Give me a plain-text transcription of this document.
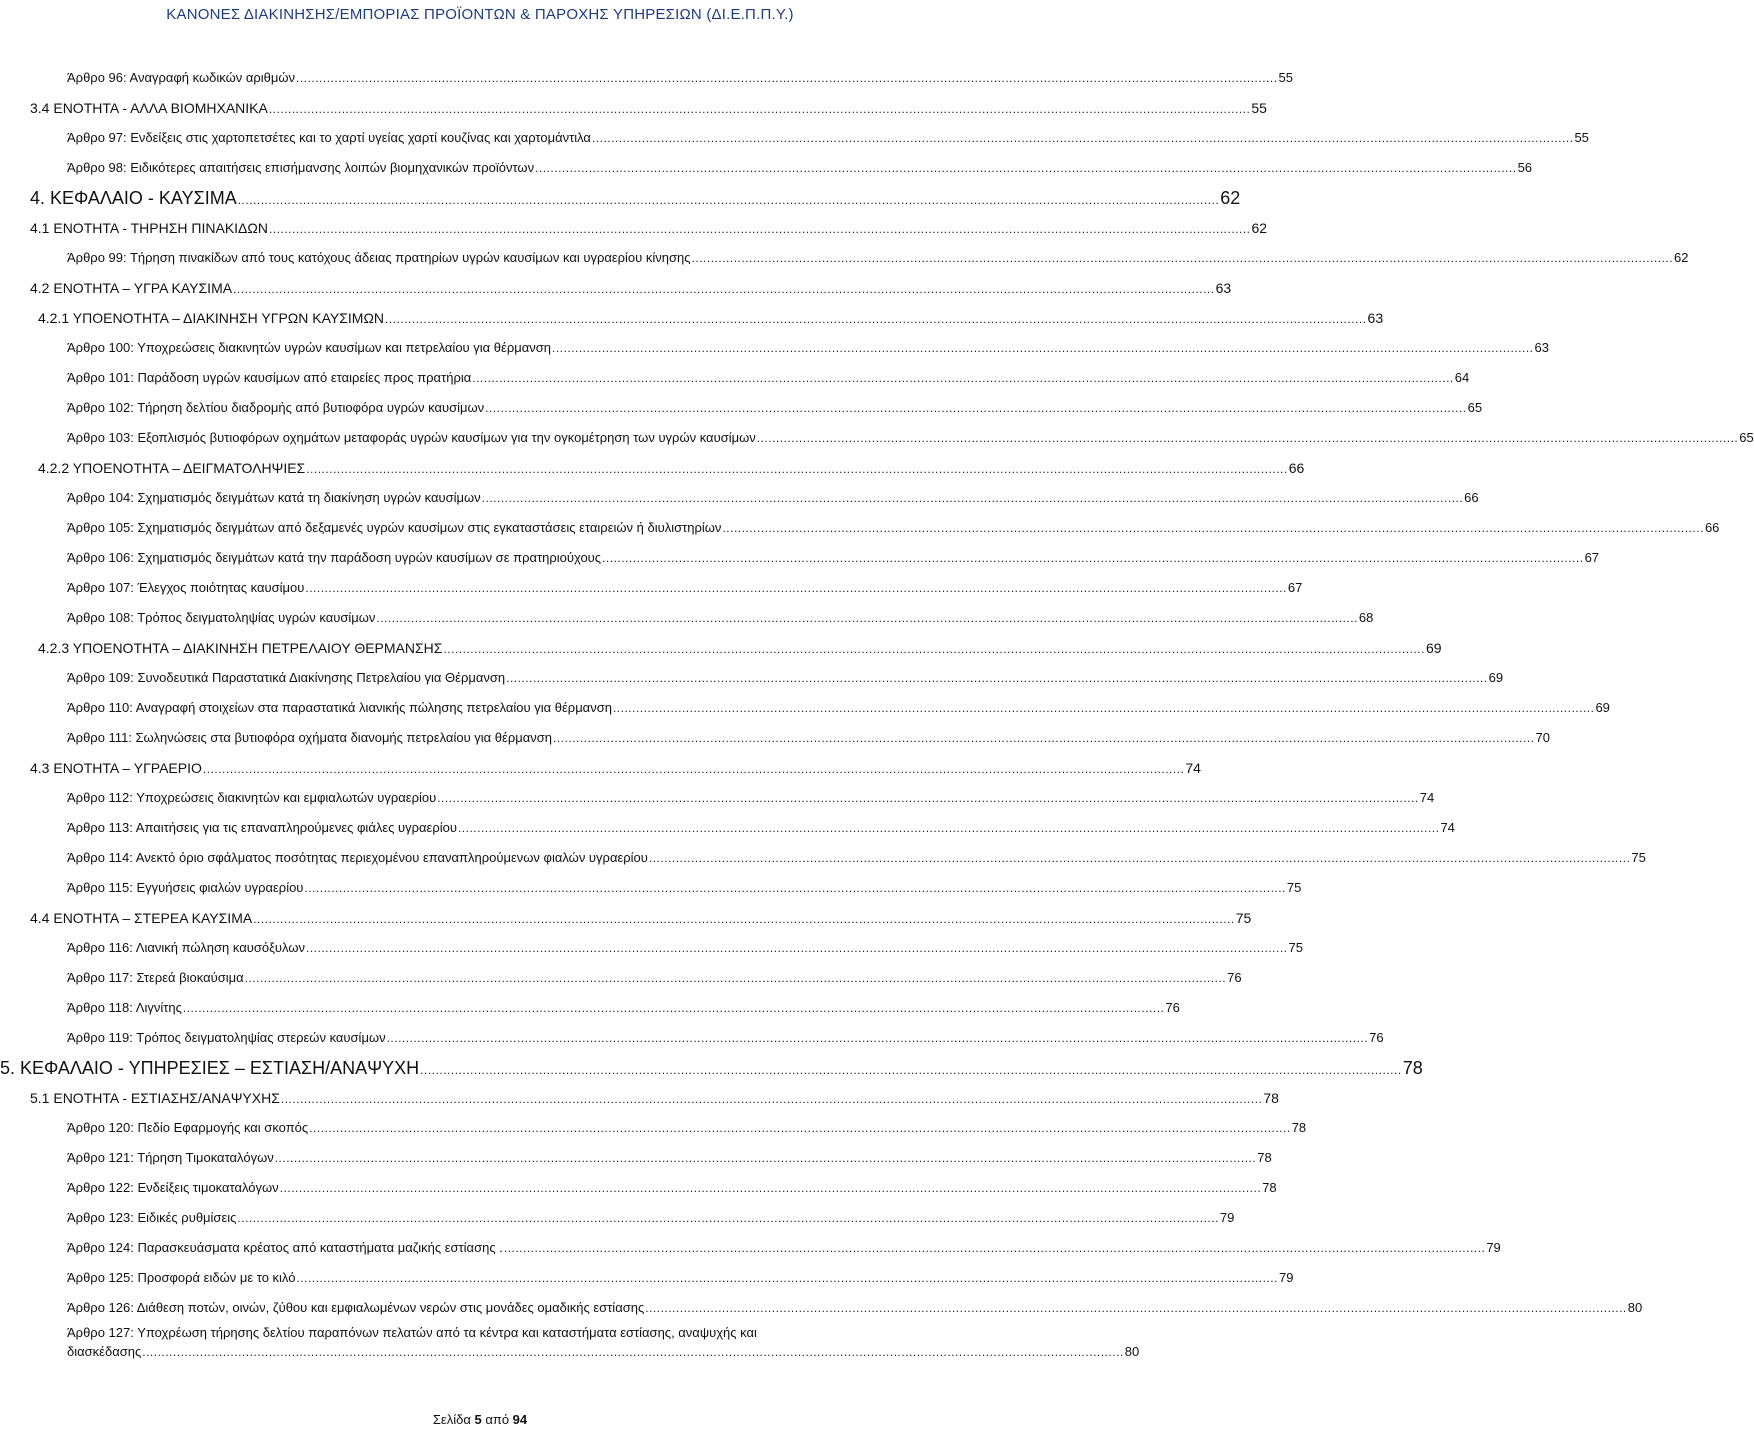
ΚΑΝΟΝΕΣ ΔΙΑΚΙΝΗΣΗΣ/ΕΜΠΟΡΙΑΣ ΠΡΟΪΟΝΤΩΝ & ΠΑΡΟΧΗΣ ΥΠΗΡΕΣΙΩΝ (ΔΙ.Ε.Π.Π.Υ.)
Άρθρο 96: Αναγραφή κωδικών αριθμών .....	55
3.4 ΕΝΟΤΗΤΑ - ΑΛΛΑ ΒΙΟΜΗΧΑΝΙΚΑ .....	55
Άρθρο 97: Ενδείξεις στις χαρτοπετσέτες και το χαρτί υγείας χαρτί κουζίνας και χαρτομάντιλα .....	55
Άρθρο 98: Ειδικότερες απαιτήσεις επισήμανσης λοιπών βιομηχανικών προϊόντων .....	56
4. ΚΕΦΑΛΑΙΟ - ΚΑΥΣΙΜΑ .....	62
4.1 ΕΝΟΤΗΤΑ - ΤΗΡΗΣΗ ΠΙΝΑΚΙΔΩΝ .....	62
Άρθρο 99: Τήρηση πινακίδων από τους κατόχους άδειας πρατηρίων υγρών καυσίμων και υγραερίου κίνησης .....	62
4.2 ΕΝΟΤΗΤΑ – ΥΓΡΑ ΚΑΥΣΙΜΑ .....	63
4.2.1 ΥΠΟΕΝΟΤΗΤΑ – ΔΙΑΚΙΝΗΣΗ ΥΓΡΩΝ ΚΑΥΣΙΜΩΝ .....	63
Άρθρο 100: Υποχρεώσεις διακινητών υγρών καυσίμων και πετρελαίου για θέρμανση .....	63
Άρθρο 101: Παράδοση υγρών καυσίμων από εταιρείες προς πρατήρια .....	64
Άρθρο 102: Τήρηση δελτίου διαδρομής από βυτιοφόρα υγρών καυσίμων .....	65
Άρθρο 103: Εξοπλισμός βυτιοφόρων οχημάτων μεταφοράς υγρών καυσίμων για την ογκομέτρηση των υγρών καυσίμων .....	65
4.2.2 ΥΠΟΕΝΟΤΗΤΑ – ΔΕΙΓΜΑΤΟΛΗΨΙΕΣ .....	66
Άρθρο 104: Σχηματισμός δειγμάτων κατά τη διακίνηση υγρών καυσίμων .....	66
Άρθρο 105: Σχηματισμός δειγμάτων από δεξαμενές υγρών καυσίμων στις εγκαταστάσεις εταιρειών ή διυλιστηρίων .....	66
Άρθρο 106: Σχηματισμός δειγμάτων κατά την παράδοση υγρών καυσίμων σε πρατηριούχους .....	67
Άρθρο 107: Έλεγχος ποιότητας καυσίμου .....	67
Άρθρο 108: Τρόπος δειγματοληψίας υγρών καυσίμων .....	68
4.2.3 ΥΠΟΕΝΟΤΗΤΑ – ΔΙΑΚΙΝΗΣΗ ΠΕΤΡΕΛΑΙΟΥ ΘΕΡΜΑΝΣΗΣ .....	69
Άρθρο 109: Συνοδευτικά Παραστατικά Διακίνησης Πετρελαίου για Θέρμανση .....	69
Άρθρο 110: Αναγραφή στοιχείων στα παραστατικά λιανικής πώλησης πετρελαίου για θέρμανση .....	69
Άρθρο 111: Σωληνώσεις στα βυτιοφόρα οχήματα διανομής πετρελαίου για θέρμανση .....	70
4.3 ΕΝΟΤΗΤΑ – ΥΓΡΑΕΡΙΟ .....	74
Άρθρο 112: Υποχρεώσεις διακινητών και εμφιαλωτών υγραερίου .....	74
Άρθρο 113: Απαιτήσεις για τις επαναπληρούμενες φιάλες υγραερίου .....	74
Άρθρο 114: Ανεκτό όριο σφάλματος ποσότητας περιεχομένου επαναπληρούμενων φιαλών υγραερίου .....	75
Άρθρο 115: Εγγυήσεις φιαλών υγραερίου .....	75
4.4 ΕΝΟΤΗΤΑ – ΣΤΕΡΕΑ ΚΑΥΣΙΜΑ .....	75
Άρθρο 116: Λιανική πώληση καυσόξυλων .....	75
Άρθρο 117: Στερεά βιοκαύσιμα .....	76
Άρθρο 118: Λιγνίτης .....	76
Άρθρο 119: Τρόπος δειγματοληψίας στερεών καυσίμων .....	76
5. ΚΕΦΑΛΑΙΟ - ΥΠΗΡΕΣΙΕΣ – ΕΣΤΙΑΣΗ/ΑΝΑΨΥΧΗ .....	78
5.1 ΕΝΟΤΗΤΑ - ΕΣΤΙΑΣΗΣ/ΑΝΑΨΥΧΗΣ .....	78
Άρθρο 120: Πεδίο Εφαρμογής και σκοπός .....	78
Άρθρο 121: Τήρηση Τιμοκαταλόγων .....	78
Άρθρο 122: Ενδείξεις τιμοκαταλόγων .....	78
Άρθρο 123: Ειδικές ρυθμίσεις .....	79
Άρθρο 124: Παρασκευάσματα κρέατος από καταστήματα μαζικής εστίασης . .....	79
Άρθρο 125: Προσφορά ειδών με το κιλό .....	79
Άρθρο 126: Διάθεση ποτών, οινών, ζύθου και εμφιαλωμένων νερών στις μονάδες ομαδικής εστίασης .....	80
Άρθρο 127: Υποχρέωση τήρησης δελτίου παραπόνων πελατών από τα κέντρα και καταστήματα εστίασης, αναψυχής και
διασκέδασης .....	80
Σελίδα 5 από 94
